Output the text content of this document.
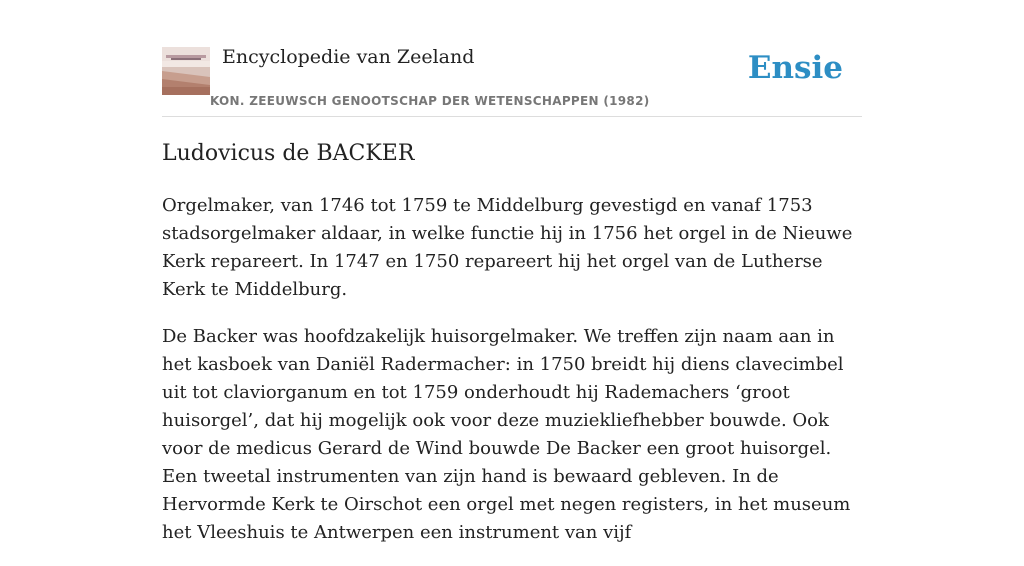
Encyclopedie van Zeeland
KON. ZEEUWSCH GENOOTSCHAP DER WETENSCHAPPEN (1982)
Ensie
Ludovicus de BACKER

Orgelmaker, van 1746 tot 1759 te Middelburg gevestigd en vanaf 1753 stadsorgelmaker aldaar, in welke functie hij in 1756 het orgel in de Nieuwe Kerk repareert. In 1747 en 1750 repareert hij het orgel van de Lutherse Kerk te Middelburg.

De Backer was hoofdzakelijk huisorgelmaker. We treffen zijn naam aan in het kasboek van Daniël Radermacher: in 1750 breidt hij diens clavecimbel uit tot claviorganum en tot 1759 onderhoudt hij Rademachers ‘groot huisorgel’, dat hij mogelijk ook voor deze muziekliefhebber bouwde. Ook voor de medicus Gerard de Wind bouwde De Backer een groot huisorgel. Een tweetal instrumenten van zijn hand is bewaard gebleven. In de Hervormde Kerk te Oirschot een orgel met negen registers, in het museum het Vleeshuis te Antwerpen een instrument van vijf
